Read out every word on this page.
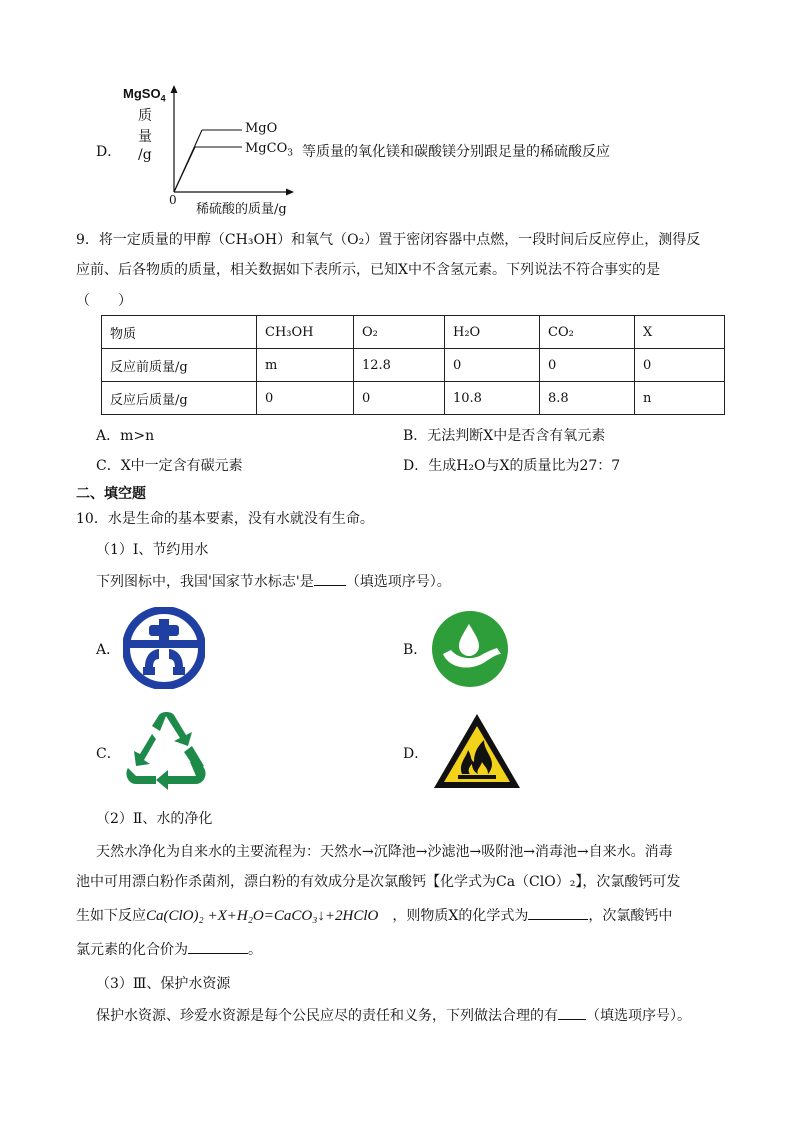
D．
MgSO$_4$
质
量
/g
0
稀硫酸的质量/g
MgO
MgCO$_3$ 等质量的氧化镁和碳酸镁分别跟足量的稀硫酸反应
9．将一定质量的甲醇（CH₃OH）和氧气（O₂）置于密闭容器中点燃，一段时间后反应停止，测得反
应前、后各物质的质量，相关数据如下表所示，已知X中不含氢元素。下列说法不符合事实的是
（　　）
物质	CH₃OH	O₂	H₂O	CO₂	X
反应前质量/g	m	12.8	0	0	0
反应后质量/g	0	0	10.8	8.8	n
A．m>n	B．无法判断X中是否含有氧元素
C．X中一定含有碳元素	D．生成H₂O与X的质量比为27：7
二、填空题
10．水是生命的基本要素，没有水就没有生命。
（1）Ⅰ、节约用水
下列图标中，我国'国家节水标志'是 （填选项序号）。
A．	B．
C．	D．
（2）Ⅱ、水的净化
天然水净化为自来水的主要流程为：天然水→沉降池→沙滤池→吸附池→消毒池→自来水。消毒
池中可用漂白粉作杀菌剂，漂白粉的有效成分是次氯酸钙【化学式为Ca（ClO）₂】，次氯酸钙可发
生如下反应Ca(ClO)₂ +X+H₂O=CaCO₃↓+2HClO　 ，则物质X的化学式为	，次氯酸钙中
氯元素的化合价为	。
（3）Ⅲ、保护水资源
保护水资源、珍爱水资源是每个公民应尽的责任和义务，下列做法合理的有 （填选项序号）。
